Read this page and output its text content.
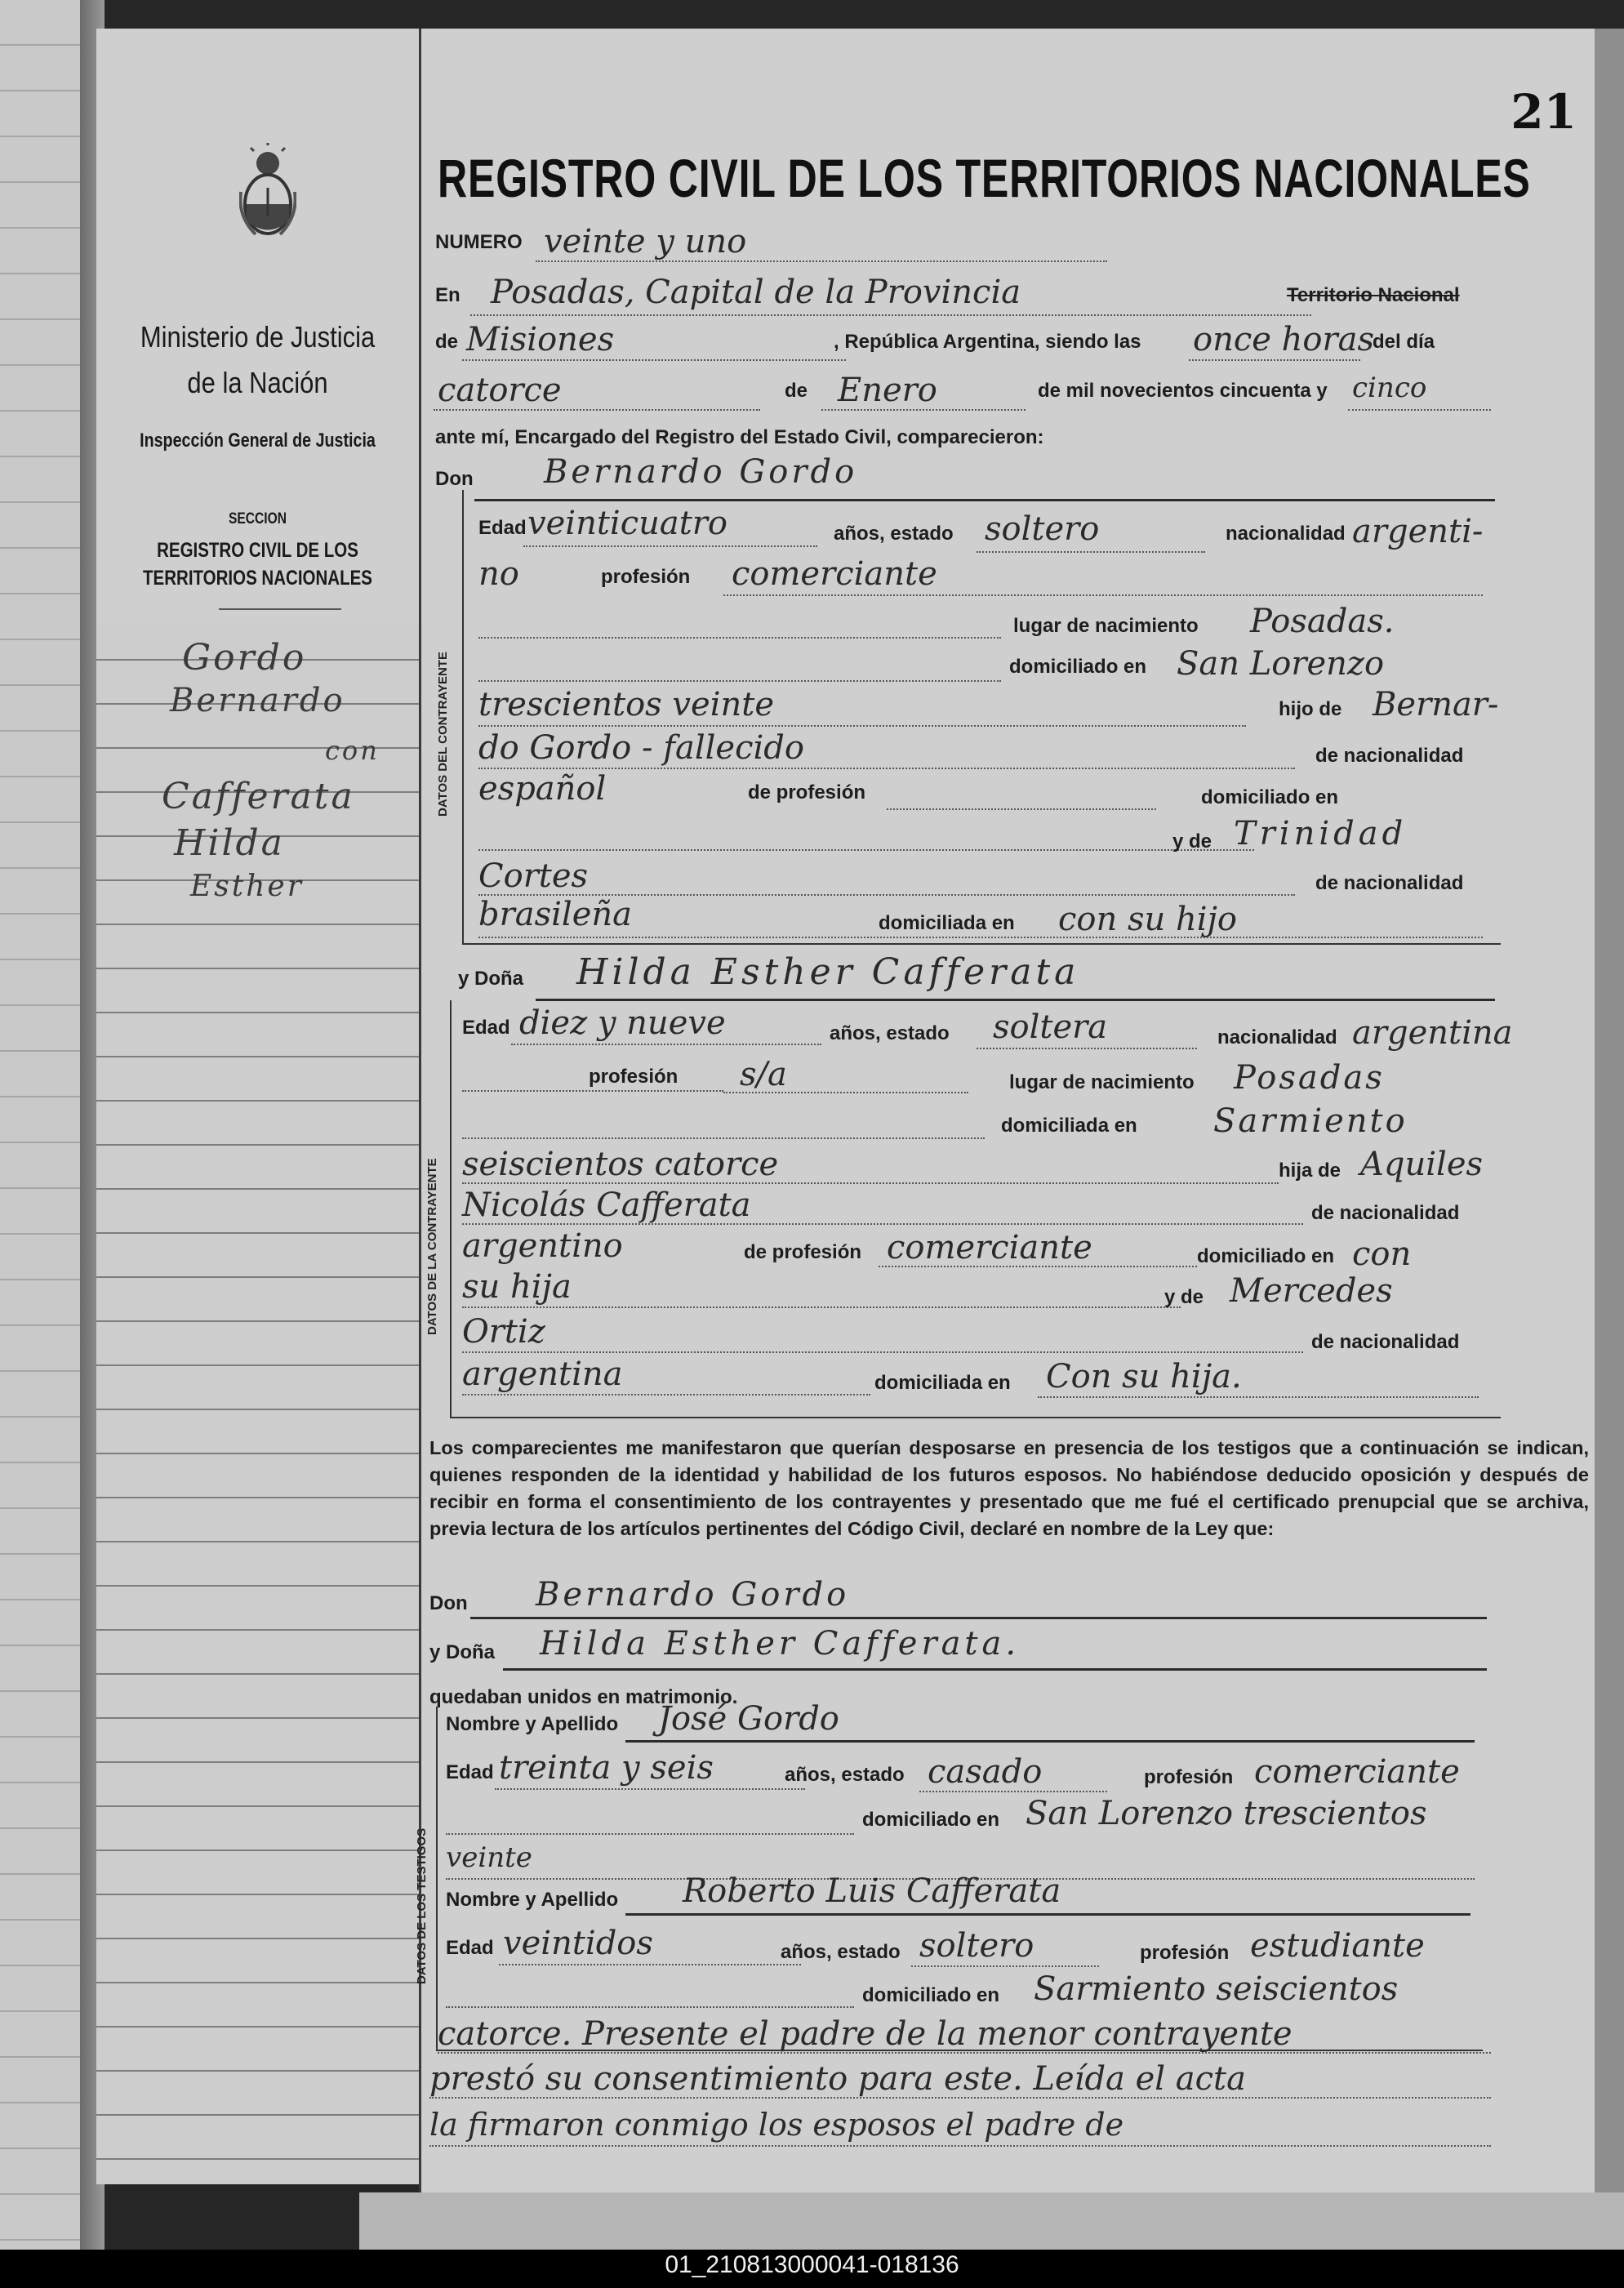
Ministerio de Justicia de la Nación
Inspección General de Justicia
SECCION
REGISTRO CIVIL DE LOS TERRITORIOS NACIONALES
Gordo
Bernardo
con
Cafferata
Hilda
Esther
21
REGISTRO CIVIL DE LOS TERRITORIOS NACIONALES
NUMERO veinte y uno
En Posadas, Capital de la Provincia	Territorio Nacional
de Misiones	, República Argentina, siendo las once horas
del día
catorce	de Enero	de mil novecientos cincuenta y cinco
ante mí, Encargado del Registro del Estado Civil, comparecieron:
Don Bernardo Gordo
DATOS DEL CONTRAYENTE
Edad veinticuatro	años, estado soltero	nacionalidad argenti-
no	profesión comerciante
lugar de nacimiento Posadas.
domiciliado en San Lorenzo
trescientos veinte	hijo de Bernar-
do Gordo - fallecido	de nacionalidad
español	de profesión	domiciliado en
y de Trinidad
Cortes	de nacionalidad
brasileña	domiciliada en con su hijo
y Doña Hilda Esther Cafferata
DATOS DE LA CONTRAYENTE
Edad diez y nueve	años, estado soltera	nacionalidad argentina
profesión s/a	lugar de nacimiento Posadas
domiciliada en Sarmiento
seiscientos catorce	hija de Aquiles
Nicolás Cafferata	de nacionalidad
argentino	de profesión comerciante	domiciliado en con
su hija	y de Mercedes
Ortiz	de nacionalidad
argentina	domiciliada en Con su hija.
Los comparecientes me manifestaron que querían desposarse en presencia de los testigos que a continuación se indican, quienes responden de la identidad y habilidad de los futuros esposos. No habiéndose deducido oposición y después de recibir en forma el consentimiento de los contrayentes y presentado que me fué el certificado prenupcial que se archiva, previa lectura de los artículos pertinentes del Código Civil, declaré en nombre de la Ley que:
Don Bernardo Gordo
y Doña Hilda Esther Cafferata.
quedaban unidos en matrimonio.
DATOS DE LOS TESTIGOS
Nombre y Apellido José Gordo
Edad treinta y seis	años, estado casado	profesión comerciante
domiciliado en San Lorenzo trescientos
veinte
Nombre y Apellido Roberto Luis Cafferata
Edad veintidos	años, estado soltero	profesión estudiante
domiciliado en Sarmiento seiscientos
catorce. Presente el padre de la menor contrayente
prestó su consentimiento para este. Leída el acta
la firmaron conmigo los esposos el padre de
01_210813000041-018136
